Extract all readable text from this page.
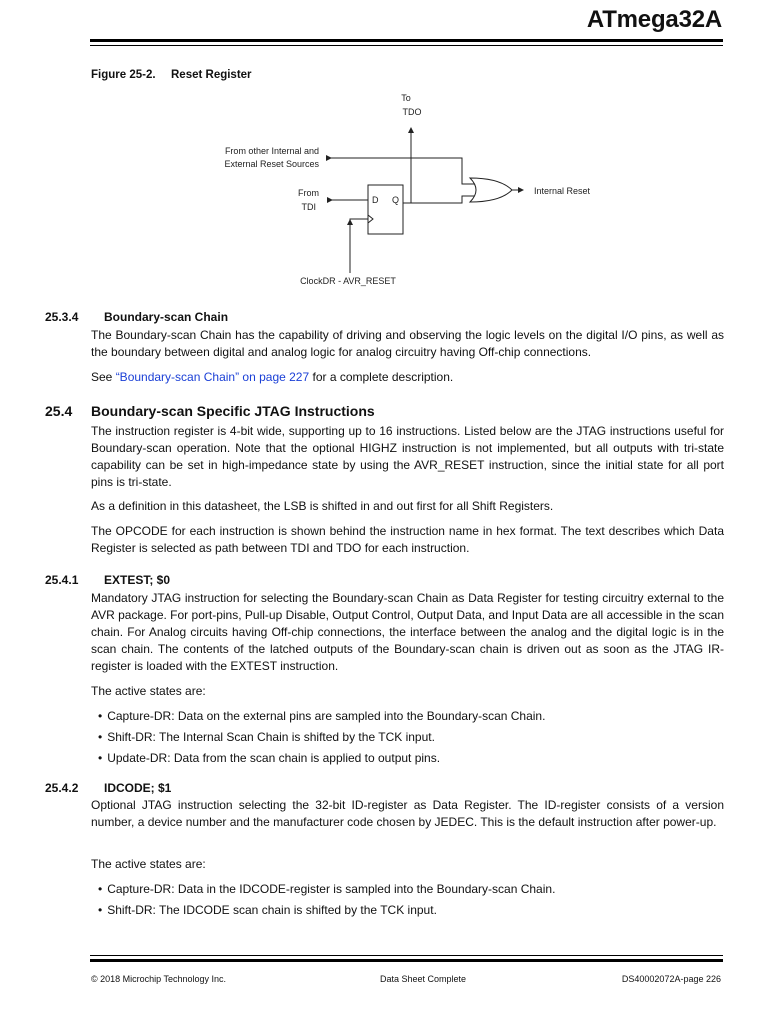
ATmega32A
Figure 25-2. Reset Register
To
TDO
From other Internal and
External Reset Sources
From
TDI
D Q
Internal Reset
ClockDR - AVR_RESET
25.3.4 Boundary-scan Chain
The Boundary-scan Chain has the capability of driving and observing the logic levels on the digital I/O pins, as well as the boundary between digital and analog logic for analog circuitry having Off-chip connections.
See “Boundary-scan Chain” on page 227 for a complete description.
25.4 Boundary-scan Specific JTAG Instructions
The instruction register is 4-bit wide, supporting up to 16 instructions. Listed below are the JTAG instructions useful for Boundary-scan operation. Note that the optional HIGHZ instruction is not implemented, but all outputs with tri-state capability can be set in high-impedance state by using the AVR_RESET instruction, since the initial state for all port pins is tri-state.
As a definition in this datasheet, the LSB is shifted in and out first for all Shift Registers.
The OPCODE for each instruction is shown behind the instruction name in hex format. The text describes which Data Register is selected as path between TDI and TDO for each instruction.
25.4.1 EXTEST; $0
Mandatory JTAG instruction for selecting the Boundary-scan Chain as Data Register for testing circuitry external to the AVR package. For port-pins, Pull-up Disable, Output Control, Output Data, and Input Data are all accessible in the scan chain. For Analog circuits having Off-chip connections, the interface between the analog and the digital logic is in the scan chain. The contents of the latched outputs of the Boundary-scan chain is driven out as soon as the JTAG IR-register is loaded with the EXTEST instruction.
The active states are:
• Capture-DR: Data on the external pins are sampled into the Boundary-scan Chain.
• Shift-DR: The Internal Scan Chain is shifted by the TCK input.
• Update-DR: Data from the scan chain is applied to output pins.
25.4.2 IDCODE; $1
Optional JTAG instruction selecting the 32-bit ID-register as Data Register. The ID-register consists of a version number, a device number and the manufacturer code chosen by JEDEC. This is the default instruction after power-up.
The active states are:
• Capture-DR: Data in the IDCODE-register is sampled into the Boundary-scan Chain.
• Shift-DR: The IDCODE scan chain is shifted by the TCK input.
© 2018 Microchip Technology Inc.	Data Sheet Complete	DS40002072A-page 226
